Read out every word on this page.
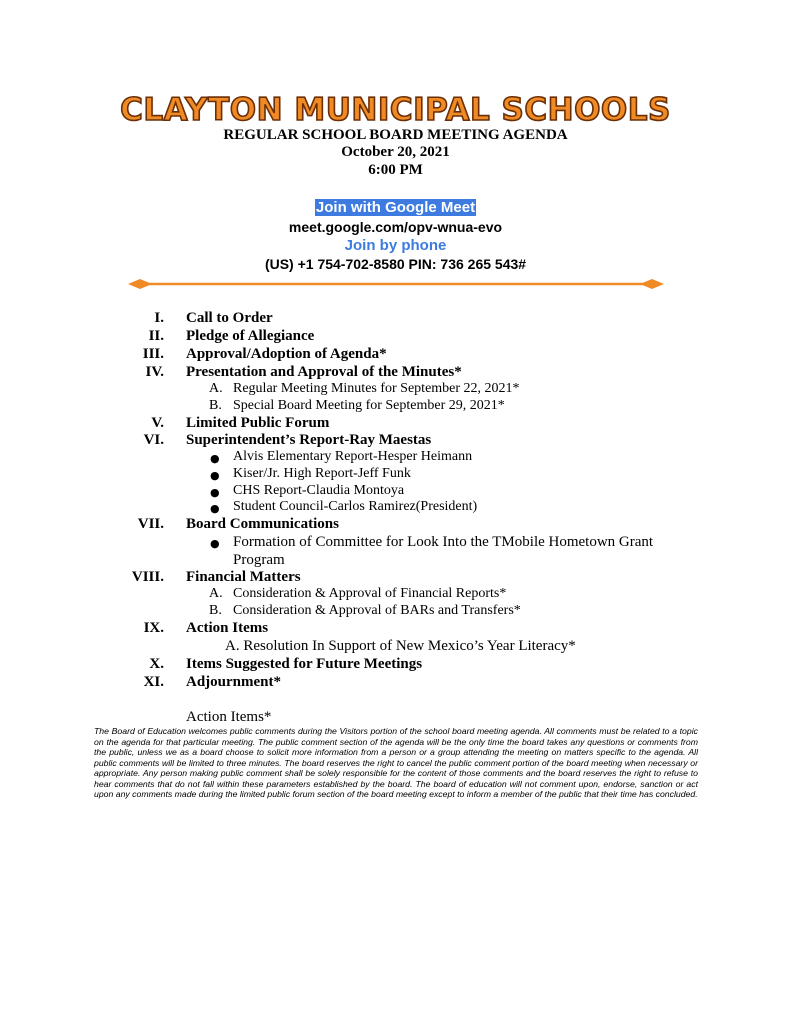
CLAYTON MUNICIPAL SCHOOLS
REGULAR SCHOOL BOARD MEETING AGENDA
October 20, 2021
6:00 PM
Join with Google Meet
meet.google.com/opv-wnua-evo
Join by phone
(US) +1 754-702-8580 PIN: 736 265 543#
I. Call to Order
II. Pledge of Allegiance
III. Approval/Adoption of Agenda*
IV. Presentation and Approval of the Minutes*
A. Regular Meeting Minutes for September 22, 2021*
B. Special Board Meeting for September 29, 2021*
V. Limited Public Forum
VI. Superintendent’s Report-Ray Maestas
● Alvis Elementary Report-Hesper Heimann
● Kiser/Jr. High Report-Jeff Funk
● CHS Report-Claudia Montoya
● Student Council-Carlos Ramirez(President)
VII. Board Communications
● Formation of Committee for Look Into the TMobile Hometown Grant
Program
VIII. Financial Matters
A. Consideration & Approval of Financial Reports*
B. Consideration & Approval of BARs and Transfers*
IX. Action Items
A. Resolution In Support of New Mexico’s Year Literacy*
X. Items Suggested for Future Meetings
XI. Adjournment*
Action Items*
The Board of Education welcomes public comments during the Visitors portion of the school board meeting agenda. All comments must be related to a topic on the agenda for that particular meeting. The public comment section of the agenda will be the only time the board takes any questions or comments from the public, unless we as a board choose to solicit more information from a person or a group attending the meeting on matters specific to the agenda. All public comments will be limited to three minutes. The board reserves the right to cancel the public comment portion of the board meeting when necessary or appropriate. Any person making public comment shall be solely responsible for the content of those comments and the board reserves the right to refuse to hear comments that do not fall within these parameters established by the board. The board of education will not comment upon, endorse, sanction or act upon any comments made during the limited public forum section of the board meeting except to inform a member of the public that their time has concluded.
